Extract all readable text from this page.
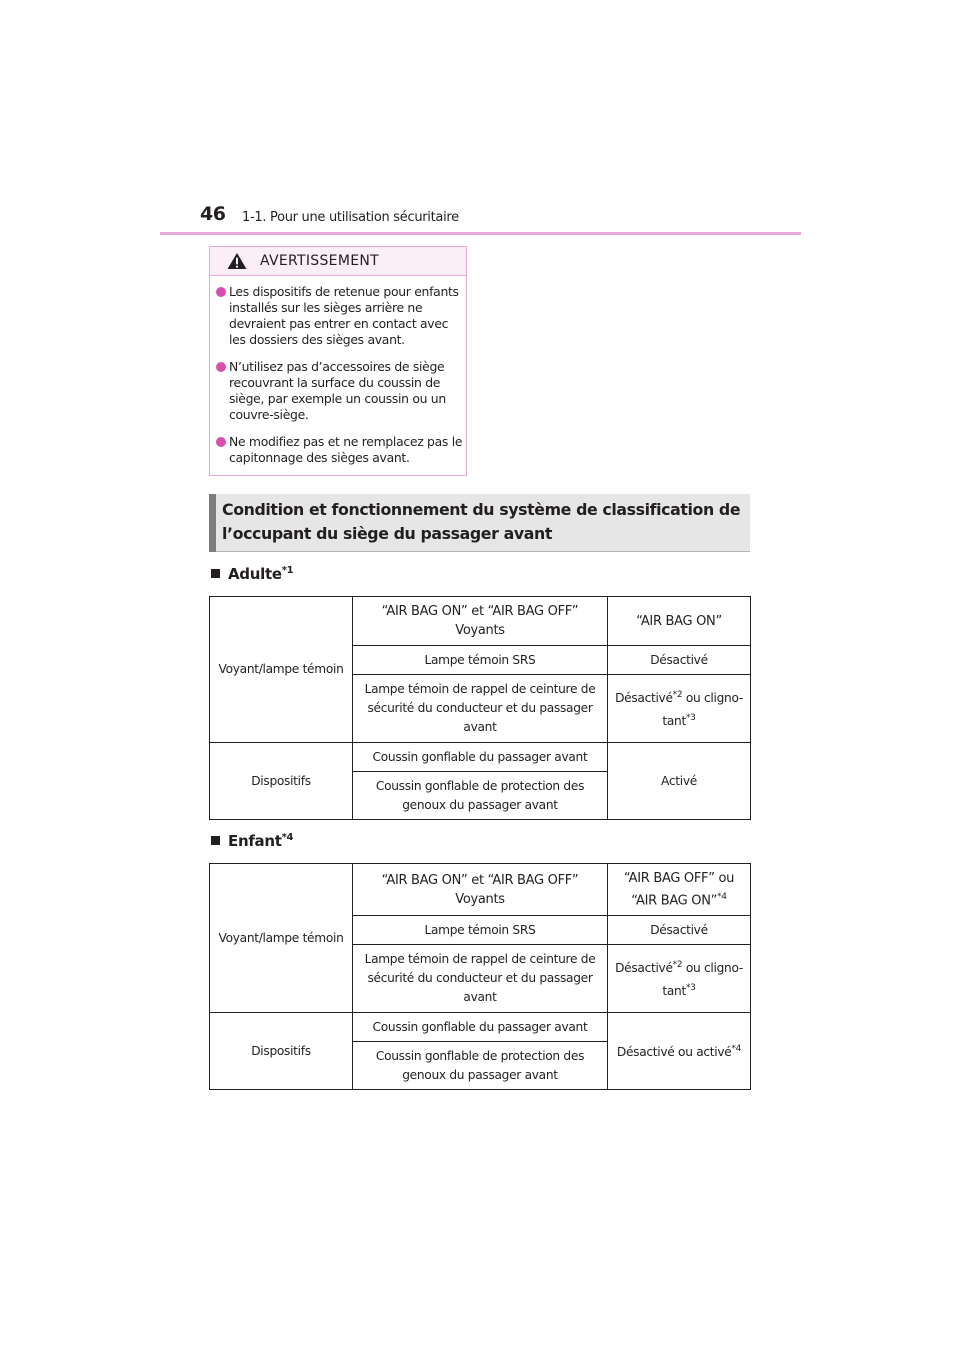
46 1-1. Pour une utilisation sécuritaire
AVERTISSEMENT
Les dispositifs de retenue pour enfants installés sur les sièges arrière ne devraient pas entrer en contact avec les dossiers des sièges avant.
N’utilisez pas d’accessoires de siège recouvrant la surface du coussin de siège, par exemple un coussin ou un couvre-siège.
Ne modifiez pas et ne remplacez pas le capitonnage des sièges avant.
Condition et fonctionnement du système de classification de l’occupant du siège du passager avant
Adulte$^{*1}$
Voyant/lampe témoin	“AIR BAG ON” et “AIR BAG OFF” Voyants	“AIR BAG ON”
	Lampe témoin SRS	Désactivé
	Lampe témoin de rappel de ceinture de sécurité du conducteur et du passager avant	Désactivé$^{*2}$ ou cligno-tant$^{*3}$
Dispositifs	Coussin gonflable du passager avant	Activé
	Coussin gonflable de protection des genoux du passager avant	
Enfant$^{*4}$
Voyant/lampe témoin	“AIR BAG ON” et “AIR BAG OFF” Voyants	“AIR BAG OFF” ou “AIR BAG ON”$^{*4}$
	Lampe témoin SRS	Désactivé
	Lampe témoin de rappel de ceinture de sécurité du conducteur et du passager avant	Désactivé$^{*2}$ ou cligno-tant$^{*3}$
Dispositifs	Coussin gonflable du passager avant	Désactivé ou activé$^{*4}$
	Coussin gonflable de protection des genoux du passager avant	
